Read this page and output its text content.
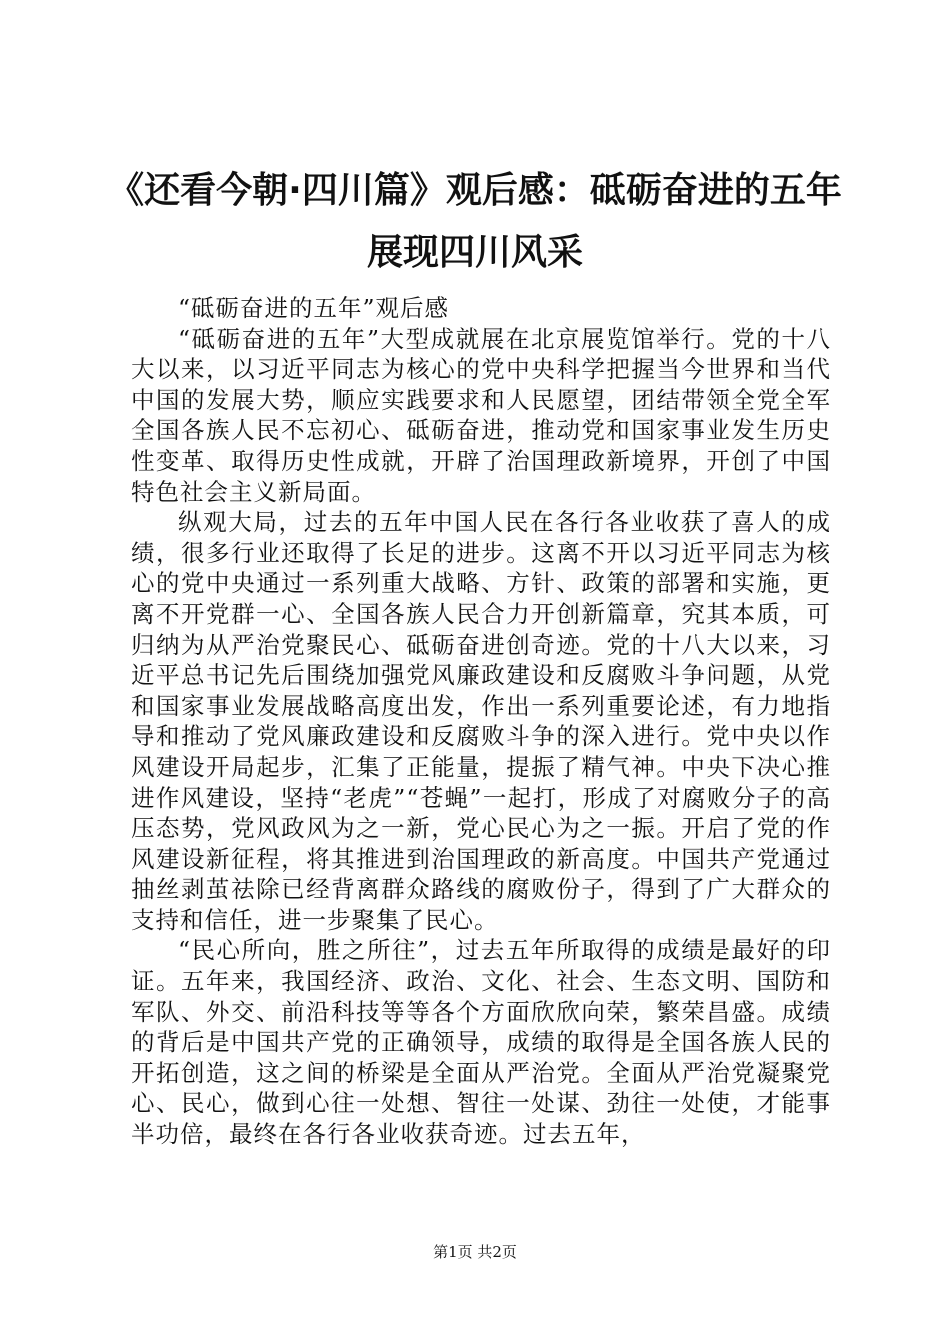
《还看今朝·四川篇》观后感：砥砺奋进的五年展现四川风采

“砥砺奋进的五年”观后感

“砥砺奋进的五年”大型成就展在北京展览馆举行。党的十八大以来，以习近平同志为核心的党中央科学把握当今世界和当代中国的发展大势，顺应实践要求和人民愿望，团结带领全党全军全国各族人民不忘初心、砥砺奋进，推动党和国家事业发生历史性变革、取得历史性成就，开辟了治国理政新境界，开创了中国特色社会主义新局面。

纵观大局，过去的五年中国人民在各行各业收获了喜人的成绩，很多行业还取得了长足的进步。这离不开以习近平同志为核心的党中央通过一系列重大战略、方针、政策的部署和实施，更离不开党群一心、全国各族人民合力开创新篇章，究其本质，可归纳为从严治党聚民心、砥砺奋进创奇迹。党的十八大以来，习近平总书记先后围绕加强党风廉政建设和反腐败斗争问题，从党和国家事业发展战略高度出发，作出一系列重要论述，有力地指导和推动了党风廉政建设和反腐败斗争的深入进行。党中央以作风建设开局起步，汇集了正能量，提振了精气神。中央下决心推进作风建设，坚持“老虎”“苍蝇”一起打，形成了对腐败分子的高压态势，党风政风为之一新，党心民心为之一振。开启了党的作风建设新征程，将其推进到治国理政的新高度。中国共产党通过抽丝剥茧祛除已经背离群众路线的腐败份子，得到了广大群众的支持和信任，进一步聚集了民心。

“民心所向，胜之所往”，过去五年所取得的成绩是最好的印证。五年来，我国经济、政治、文化、社会、生态文明、国防和军队、外交、前沿科技等等各个方面欣欣向荣，繁荣昌盛。成绩的背后是中国共产党的正确领导，成绩的取得是全国各族人民的开拓创造，这之间的桥梁是全面从严治党。全面从严治党凝聚党心、民心，做到心往一处想、智往一处谋、劲往一处使，才能事半功倍，最终在各行各业收获奇迹。过去五年，

第1页 共2页
